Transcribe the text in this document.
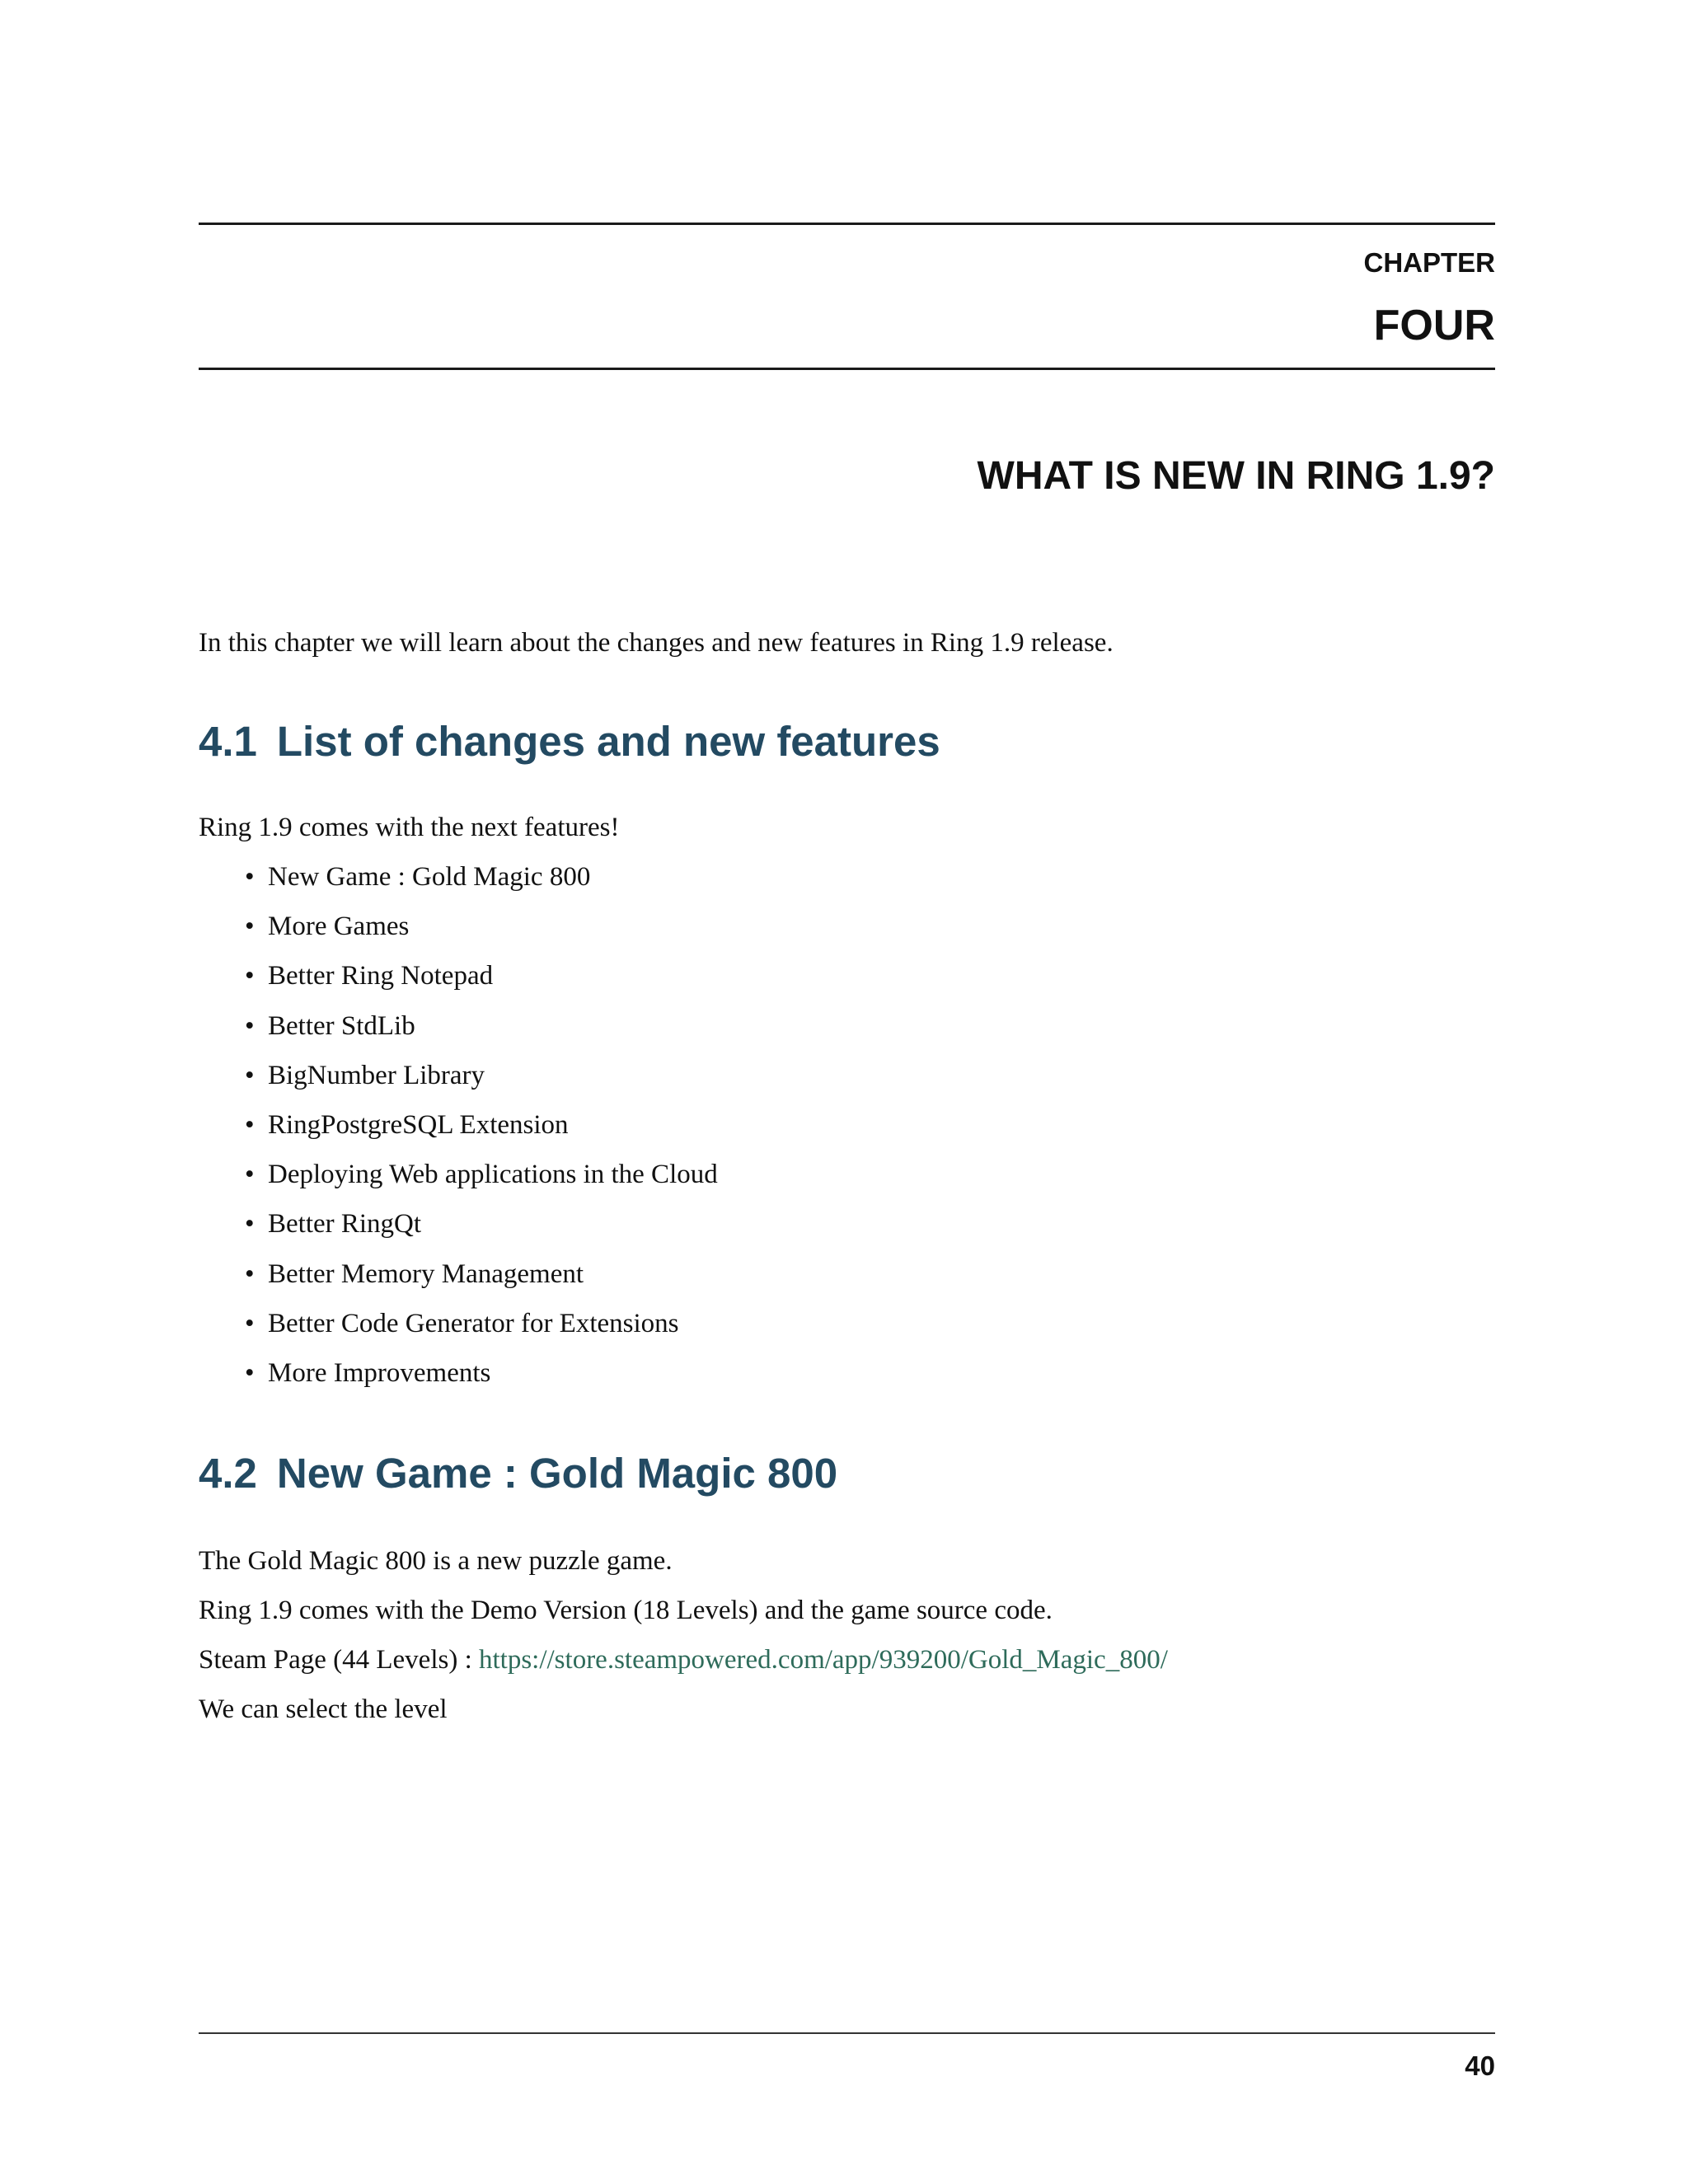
CHAPTER
FOUR
WHAT IS NEW IN RING 1.9?
In this chapter we will learn about the changes and new features in Ring 1.9 release.
4.1 List of changes and new features
Ring 1.9 comes with the next features!
• New Game : Gold Magic 800
• More Games
• Better Ring Notepad
• Better StdLib
• BigNumber Library
• RingPostgreSQL Extension
• Deploying Web applications in the Cloud
• Better RingQt
• Better Memory Management
• Better Code Generator for Extensions
• More Improvements
4.2 New Game : Gold Magic 800
The Gold Magic 800 is a new puzzle game.
Ring 1.9 comes with the Demo Version (18 Levels) and the game source code.
Steam Page (44 Levels) : https://store.steampowered.com/app/939200/Gold_Magic_800/
We can select the level
40
